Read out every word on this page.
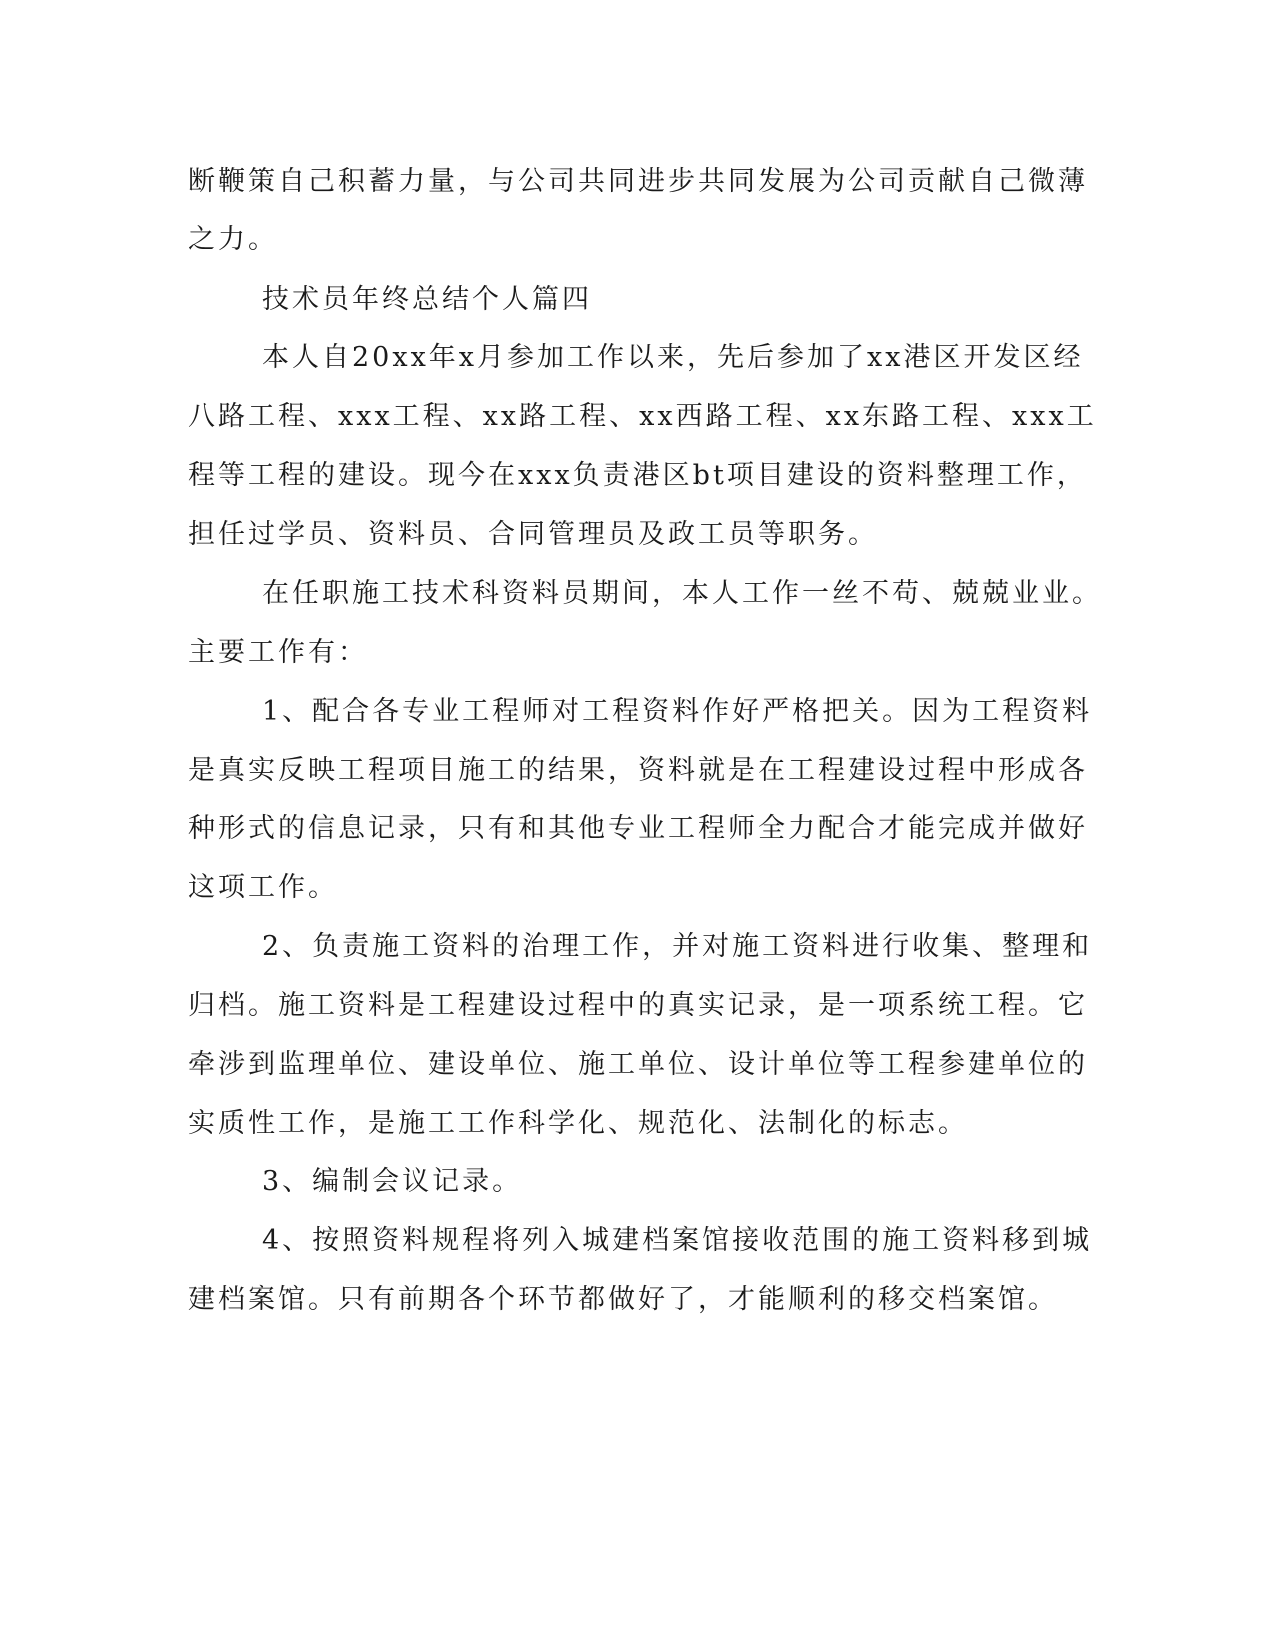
断鞭策自己积蓄力量，与公司共同进步共同发展为公司贡献自己微薄
之力。
技术员年终总结个人篇四
本人自20xx年x月参加工作以来，先后参加了xx港区开发区经
八路工程、xxx工程、xx路工程、xx西路工程、xx东路工程、xxx工
程等工程的建设。现今在xxx负责港区bt项目建设的资料整理工作，
担任过学员、资料员、合同管理员及政工员等职务。
在任职施工技术科资料员期间，本人工作一丝不苟、兢兢业业。
主要工作有：
1、配合各专业工程师对工程资料作好严格把关。因为工程资料
是真实反映工程项目施工的结果，资料就是在工程建设过程中形成各
种形式的信息记录，只有和其他专业工程师全力配合才能完成并做好
这项工作。
2、负责施工资料的治理工作，并对施工资料进行收集、整理和
归档。施工资料是工程建设过程中的真实记录，是一项系统工程。它
牵涉到监理单位、建设单位、施工单位、设计单位等工程参建单位的
实质性工作，是施工工作科学化、规范化、法制化的标志。
3、编制会议记录。
4、按照资料规程将列入城建档案馆接收范围的施工资料移到城
建档案馆。只有前期各个环节都做好了，才能顺利的移交档案馆。
